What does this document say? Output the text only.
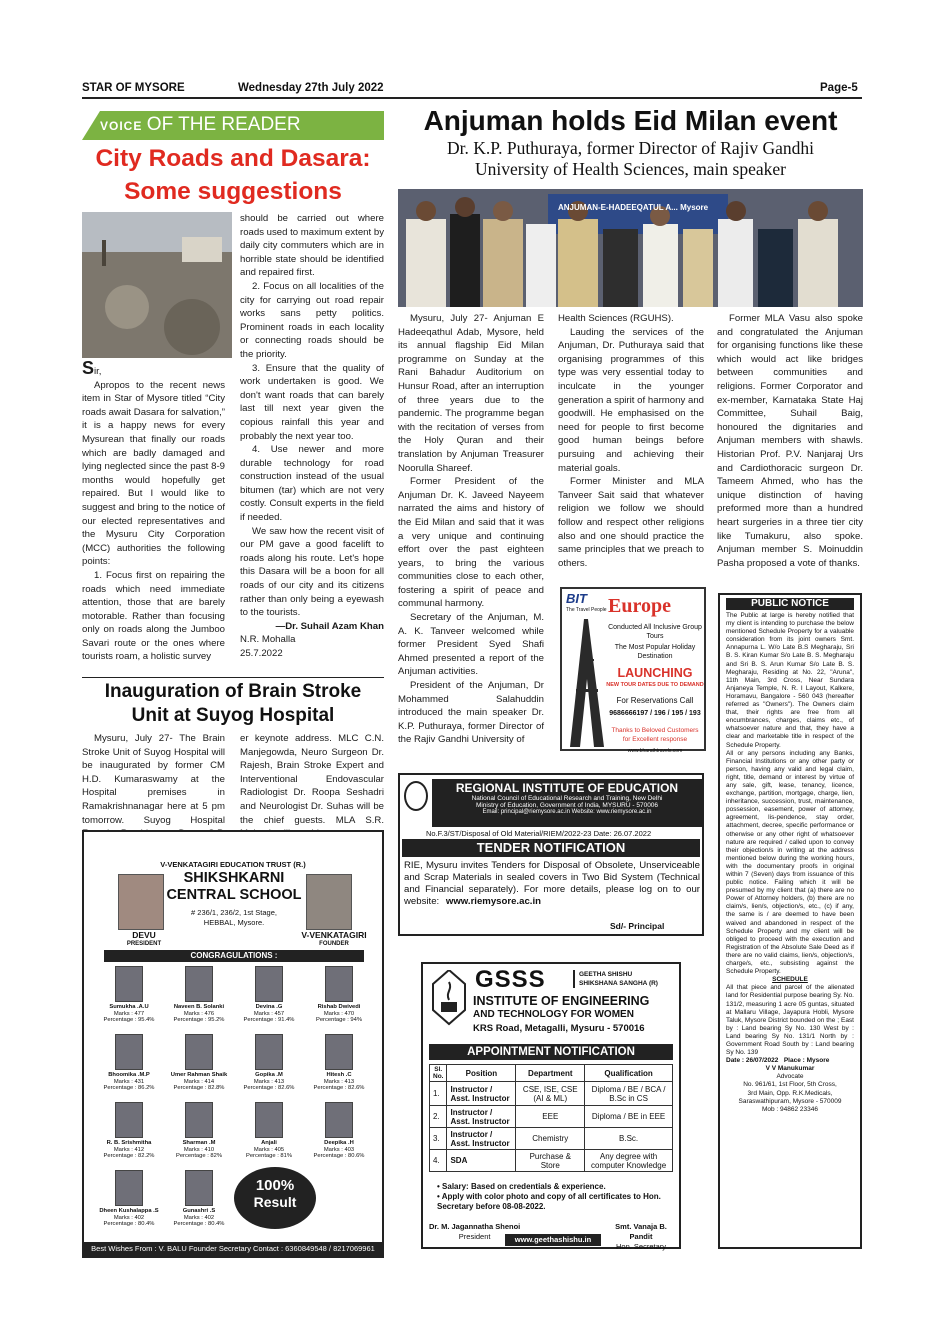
STAR OF MYSORE	Wednesday 27th July 2022	Page-5
VOICE OF THE READER
City Roads and Dasara:
Some suggestions

Sir,

Apropos to the recent news item in Star of Mysore titled “City roads await Dasara for salvation,” it is a happy news for every Mysurean that finally our roads which are badly damaged and lying neglected since the past 8-9 months would hopefully get repaired. But I would like to suggest and bring to the notice of our elected representatives and the Mysuru City Corporation (MCC) authorities the following points:

1. Focus first on repairing the roads which need immediate attention, those that are barely motorable. Rather than focusing only on roads along the Jumboo Savari route or the ones where tourists roam, a holistic survey

should be carried out where roads used to maximum extent by daily city commuters which are in horrible state should be identified and repaired first.

2. Focus on all localities of the city for carrying out road repair works sans petty politics. Prominent roads in each locality or connecting roads should be the priority.

3. Ensure that the quality of work undertaken is good. We don't want roads that can barely last till next year given the copious rainfall this year and probably the next year too.

4. Use newer and more durable technology for road construction instead of the usual bitumen (tar) which are not very costly. Consult experts in the field if needed.

We saw how the recent visit of our PM gave a good facelift to roads along his route. Let's hope this Dasara will be a boon for all roads of our city and its citizens rather than only being a eyewash to the tourists.

—Dr. Suhail Azam Khan

N.R. Mohalla

25.7.2022

Inauguration of Brain Stroke
Unit at Suyog Hospital

Mysuru, July 27- The Brain Stroke Unit of Suyog Hospital will be inaugurated by former CM H.D. Kumaraswamy at the Hospital premises in Ramakrishnanagar here at 5 pm tomorrow. Suyog Hospital

er keynote address. MLC C.N. Manjegowda, Neuro Surgeon Dr. Rajesh, Brain Stroke Expert and Interventional Endovascular Radiologist Dr. Roopa Seshadri and Neurologist Dr. Suhas will be the chief guests. MLA S.R.

V-VENKATAGIRI EDUCATION TRUST (R.)
SHIKSHKARNI
CENTRAL SCHOOL
# 236/1, 236/2, 1st Stage,
HEBBAL, Mysore.
DEVU
PRESIDENT
V-VENKATAGIRI
FOUNDER
CONGRAGULATIONS :
Sumukha .A.U
Marks : 477
Percentage : 95.4%
Naveen B. Solanki
Marks : 476
Percentage : 95.2%
Devina .G
Marks : 457
Percentage : 91.4%
Rishab Dwivedi
Marks : 470
Percentage : 94%
Bhoomika .M.P
Marks : 431
Percentage : 86.2%
Umer Rahman Shaik
Marks : 414
Percentage : 82.8%
Gopika .M
Marks : 413
Percentage : 82.6%
Hitesh .C
Marks : 413
Percentage : 82.6%
R. B. Srishmitha
Marks : 412
Percentage : 82.2%
Sharman .M
Marks : 410
Percentage : 82%
Anjali
Marks : 405
Percentage : 81%
Deepika .H
Marks : 403
Percentage : 80.6%
Dheen Kushalappa .S
Marks : 402
Percentage : 80.4%
Gunashri .S
Marks : 402
Percentage : 80.4%
100%
Result
Best Wishes From : V. BALU Founder Secretary Contact : 6360849548 / 8217069961
Anjuman holds Eid Milan event
Dr. K.P. Puthuraya, former Director of Rajiv Gandhi
University of Health Sciences, main speaker
ANJUMAN-E-HADEEQATUL A... Mysore

Mysuru, July 27- Anjuman E Hadeeqathul Adab, Mysore, held its annual flagship Eid Milan programme on Sunday at the Rani Bahadur Auditorium on Hunsur Road, after an interruption of three years due to the pandemic. The programme began with the recitation of verses from the Holy Quran and their translation by Anjuman Treasurer Noorulla Shareef.

Former President of the Anjuman Dr. K. Javeed Nayeem narrated the aims and history of the Eid Milan and said that it was a very unique and continuing effort over the past eighteen years, to bring the various communities close to each other, fostering a spirit of peace and communal harmony.

Secretary of the Anjuman, M. A. K. Tanveer welcomed while former President Syed Shafi Ahmed presented a report of the Anjuman activities.

President of the Anjuman, Dr Mohammed Salahuddin introduced the main speaker Dr. K.P. Puthuraya, former Director of the Rajiv Gandhi University of

Health Sciences (RGUHS).

Lauding the services of the Anjuman, Dr. Puthuraya said that organising programmes of this type was very essential today to inculcate in the younger generation a spirit of harmony and goodwill. He emphasised on the need for people to first become good human beings before pursuing and achieving their material goals.

Former Minister and MLA Tanveer Sait said that whatever religion we follow we should follow and respect other religions also and one should practice the same principles that we preach to others.

Former MLA Vasu also spoke and congratulated the Anjuman for organising functions like these which would act like bridges between communities and religions. Former Corporator and ex-member, Karnataka State Haj Committee, Suhail Baig, honoured the dignitaries and Anjuman members with shawls. Historian Prof. P.V. Nanjaraj Urs and Cardiothoracic surgeon Dr. Tameem Ahmed, who has the unique distinction of having preformed more than a hundred heart surgeries in a three tier city like Tumakuru, also spoke. Anjuman member S. Moinuddin Pasha proposed a vote of thanks.

BIT
The Travel People Europe
Conducted All Inclusive Group Tours
The Most Popular Holiday Destination
LAUNCHING
NEW TOUR DATES DUE TO DEMAND
For Reservations Call
9686666197 / 196 / 195 / 193
Thanks to Beloved Customers
for Excellent response
www.bharathtravels.com
REGIONAL INSTITUTE OF EDUCATION
National Council of Educational Research and Training, New Delhi
Ministry of Education, Government of India, MYSURU - 570006
Email: principal@riemysore.ac.in Website: www.riemysore.ac.in
No.F.3/ST/Disposal of Old Material/RIEM/2022-23 Date: 26.07.2022
TENDER NOTIFICATION
RIE, Mysuru invites Tenders for Disposal of Obsolete, Unserviceable and Scrap Materials in sealed covers in Two Bid System (Technical and Financial separately). For more details, please log on to our website: www.riemysore.ac.in
Sd/- Principal
GSSS	GEETHA SHISHU
SHIKSHANA SANGHA (R)
INSTITUTE OF ENGINEERING
AND TECHNOLOGY FOR WOMEN
KRS Road, Metagalli, Mysuru - 570016
APPOINTMENT NOTIFICATION
Sl. No.	Position	Department	Qualification
1.	Instructor / Asst. Instructor	CSE, ISE, CSE (AI & ML)	Diploma / BE / BCA / B.Sc in CS
2.	Instructor / Asst. Instructor	EEE	Diploma / BE in EEE
3.	Instructor / Asst. Instructor	Chemistry	B.Sc.
4.	SDA	Purchase & Store	Any degree with computer Knowledge
• Salary: Based on credentials & experience.
• Apply with color photo and copy of all certificates to Hon. Secretary before 08-08-2022.
Dr. M. Jagannatha Shenoi
President	www.geethashishu.in
Smt. Vanaja B. Pandit
Hon. Secretary
PUBLIC NOTICE

The Public at large is hereby notified that my client is intending to purchase the below mentioned Schedule Property for a valuable consideration from its joint owners Smt. Annapurna L. W/o Late B.S Megharaju, Sri B. S. Kiran Kumar S/o Late B. S. Megharaju and Sri B. S. Arun Kumar S/o Late B. S. Megharaju, Residing at No. 22, "Aruna", 11th Main, 3rd Cross, Near Sundara Anjaneya Temple, N. R. I Layout, Kalkere, Horamavu, Bangalore - 560 043 (hereafter referred as "Owners"). The Owners claim that, their rights are free from all encumbrances, charges, claims etc., of whatsoever nature and that, they have a clear and marketable title in respect of the Schedule Property.

All or any persons including any Banks, Financial Institutions or any other party or person, having any valid and legal claim, right, title, demand or interest by virtue of any sale, gift, lease, tenancy, licence, exchange, partition, mortgage, charge, lien, inheritance, succession, trust, maintenance, possession, easement, power of attorney, agreement, lis-pendence, stay order, attachment, decree, specific performance or otherwise or any other right of whatsoever nature are required / called upon to convey their objection/s in writing at the address mentioned below during the working hours, with the documentary proofs in original within 7 (Seven) days from issuance of this public notice. Failing which it will be presumed by my client that (a) there are no Power of Attorney holders, (b) there are no claim/s, lien/s, objection/s, etc., (c) if any, the same is / are deemed to have been waived and abandoned in respect of the Schedule Property and my client will be obliged to proceed with the execution and Registration of the Absolute Sale Deed as if there are no valid claims, lien/s, objection/s, charge/s, etc., subsisting against the Schedule Property.

SCHEDULE

All that piece and parcel of the alienated land for Residential purpose bearing Sy. No. 131/2, measuring 1 acre 05 guntas, situated at Mallaru Village, Jayapura Hobli, Mysore Taluk, Mysore District bounded on the ; East by : Land bearing Sy No. 130 West by : Land bearing Sy No. 131/1 North by : Government Road South by : Land bearing Sy No. 139

Date : 26/07/2022 Place : Mysore

V V Manukumar
Advocate
No. 961/61, 1st Floor, 5th Cross,
3rd Main, Opp. R.K.Medicals,
Saraswathipuram, Mysore - 570009
Mob : 94862 23346
